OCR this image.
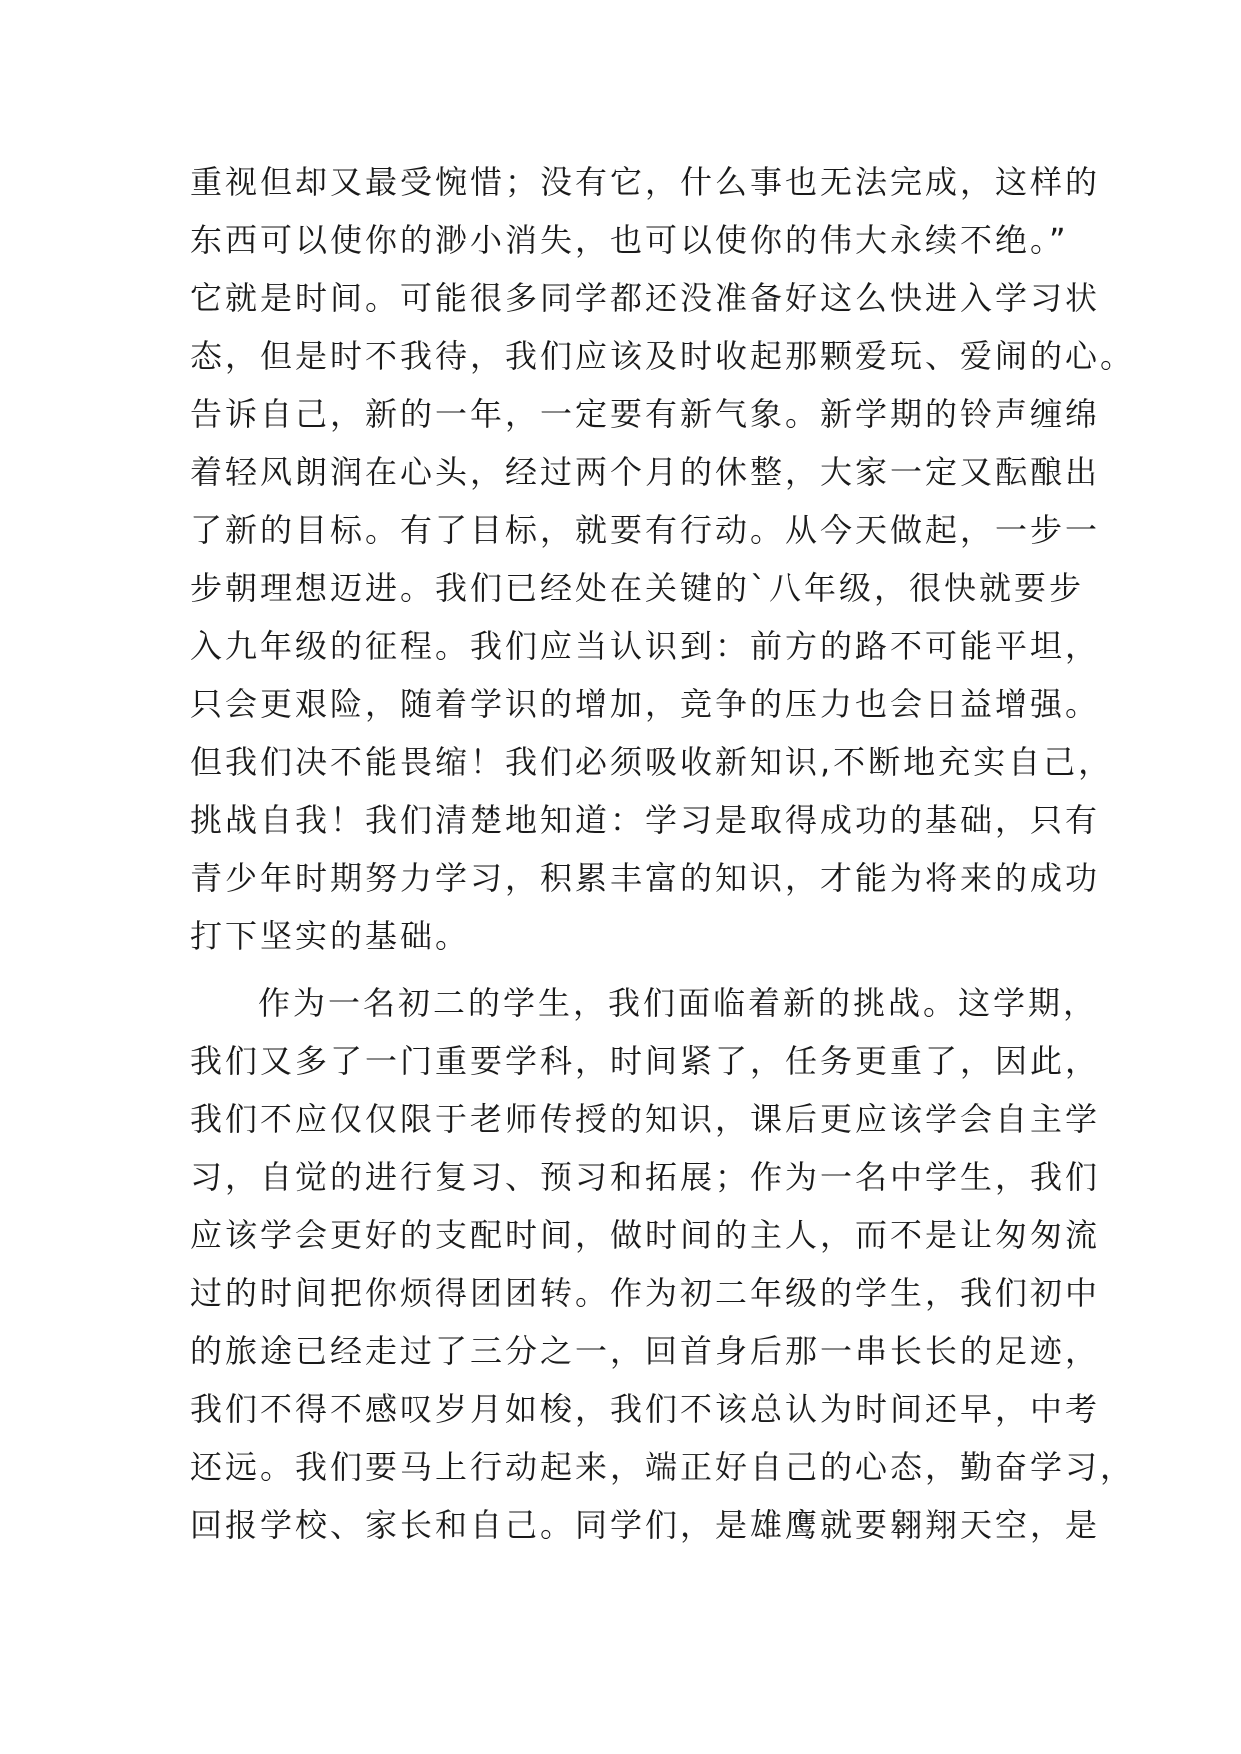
重视但却又最受惋惜；没有它，什么事也无法完成，这样的
东西可以使你的渺小消失，也可以使你的伟大永续不绝。”
它就是时间。可能很多同学都还没准备好这么快进入学习状
态，但是时不我待，我们应该及时收起那颗爱玩、爱闹的心。
告诉自己，新的一年，一定要有新气象。新学期的铃声缠绵
着轻风朗润在心头，经过两个月的休整，大家一定又酝酿出
了新的目标。有了目标，就要有行动。从今天做起，一步一
步朝理想迈进。我们已经处在关键的`八年级，很快就要步
入九年级的征程。我们应当认识到：前方的路不可能平坦，
只会更艰险，随着学识的增加，竞争的压力也会日益增强。
但我们决不能畏缩！我们必须吸收新知识,不断地充实自己，
挑战自我！我们清楚地知道：学习是取得成功的基础，只有
青少年时期努力学习，积累丰富的知识，才能为将来的成功
打下坚实的基础。
作为一名初二的学生，我们面临着新的挑战。这学期，
我们又多了一门重要学科，时间紧了，任务更重了，因此，
我们不应仅仅限于老师传授的知识，课后更应该学会自主学
习，自觉的进行复习、预习和拓展；作为一名中学生，我们
应该学会更好的支配时间，做时间的主人，而不是让匆匆流
过的时间把你烦得团团转。作为初二年级的学生，我们初中
的旅途已经走过了三分之一，回首身后那一串长长的足迹，
我们不得不感叹岁月如梭，我们不该总认为时间还早，中考
还远。我们要马上行动起来，端正好自己的心态，勤奋学习，
回报学校、家长和自己。同学们，是雄鹰就要翱翔天空，是
